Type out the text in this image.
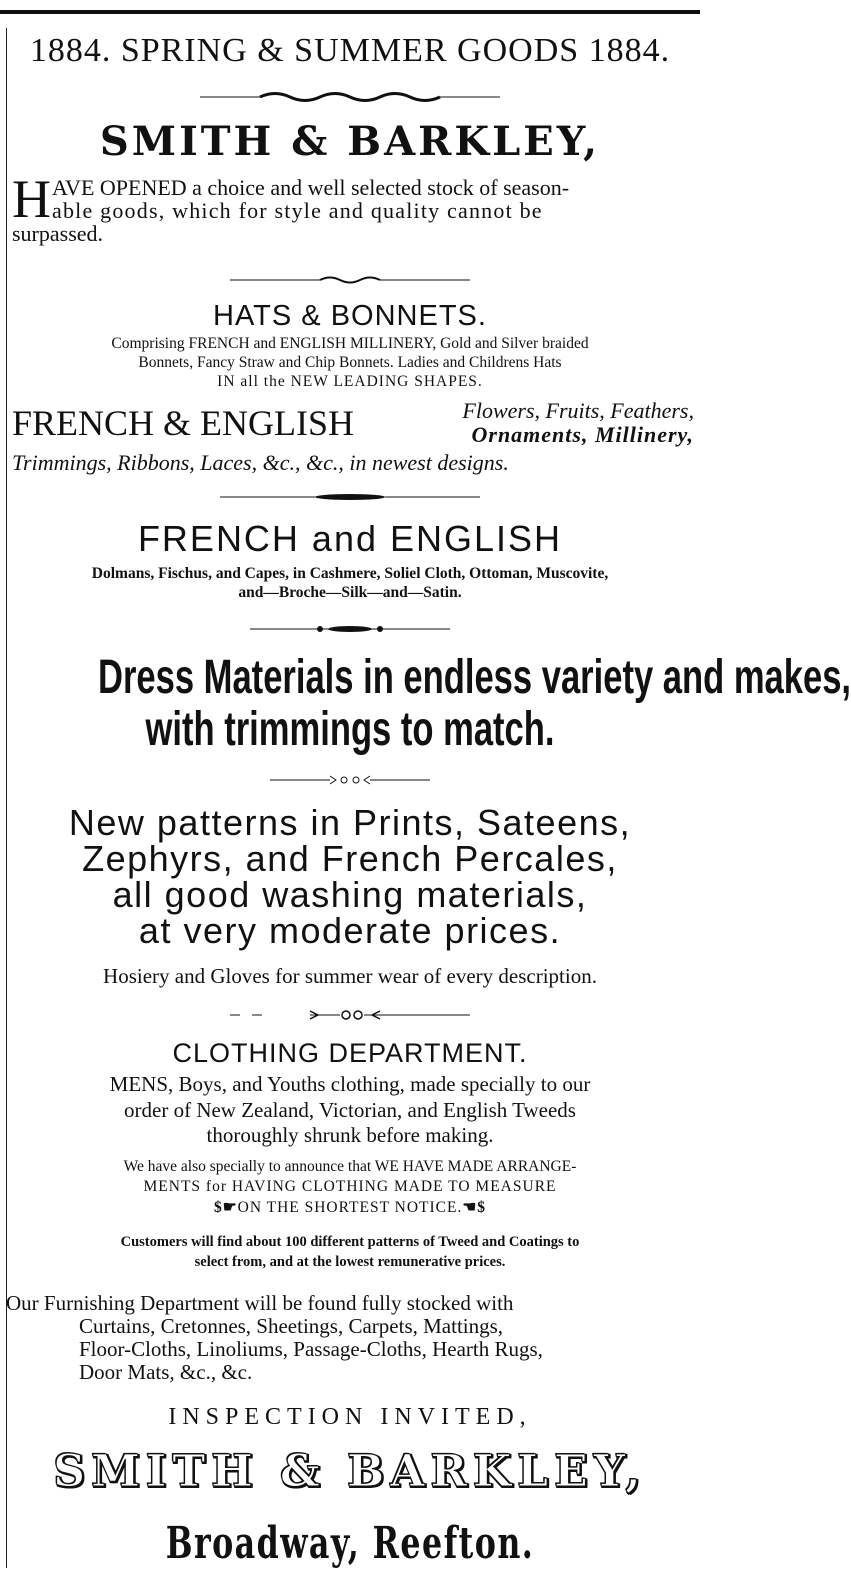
1884. SPRING & SUMMER GOODS 1884.
SMITH & BARKLEY,
H AVE OPENED a choice and well selected stock of season-
able goods, which for style and quality cannot be
surpassed.
HATS & BONNETS.
Comprising FRENCH and ENGLISH MILLINERY, Gold and Silver braided
Bonnets, Fancy Straw and Chip Bonnets. Ladies and Childrens Hats
IN all the NEW LEADING SHAPES.
FRENCH & ENGLISH	Flowers, Fruits, Feathers,
Ornaments, Millinery,
Trimmings, Ribbons, Laces, &c., &c., in newest designs.
FRENCH and ENGLISH
Dolmans, Fischus, and Capes, in Cashmere, Soliel Cloth, Ottoman, Muscovite,
and—Broche—Silk—and—Satin.
Dress Materials in endless variety and makes,
with trimmings to match.
New patterns in Prints, Sateens,
Zephyrs, and French Percales,
all good washing materials,
at very moderate prices.
Hosiery and Gloves for summer wear of every description.
CLOTHING DEPARTMENT.
MENS, Boys, and Youths clothing, made specially to our
order of New Zealand, Victorian, and English Tweeds
thoroughly shrunk before making.
We have also specially to announce that WE HAVE MADE ARRANGE-
MENTS for HAVING CLOTHING MADE TO MEASURE
$☛ON THE SHORTEST NOTICE.☚$
Customers will find about 100 different patterns of Tweed and Coatings to
select from, and at the lowest remunerative prices.
Our Furnishing Department will be found fully stocked with
Curtains, Cretonnes, Sheetings, Carpets, Mattings,
Floor-Cloths, Linoliums, Passage-Cloths, Hearth Rugs,
Door Mats, &c., &c.
INSPECTION INVITED,
SMITH & BARKLEY,
Broadway, Reefton.
